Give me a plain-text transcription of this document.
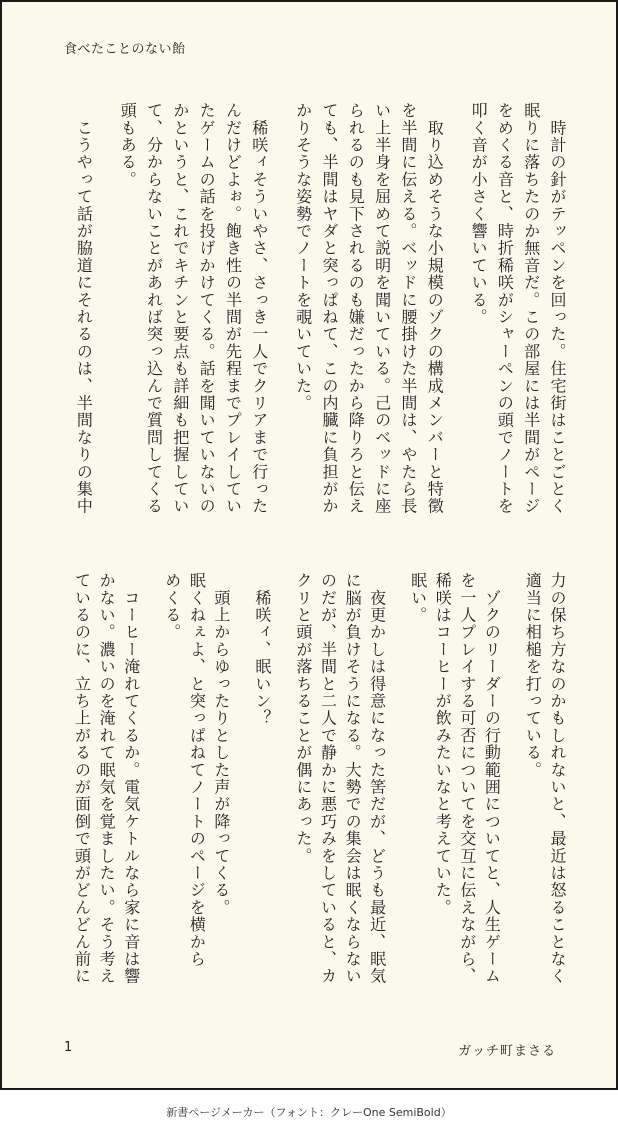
食べたことのない飴
　時計の針がテッペンを回った。住宅街はことごとく
眠りに落ちたのか無音だ。この部屋には半間がページ
をめくる音と、時折稀咲がシャーペンの頭でノートを
叩く音が小さく響いている。
　取り込めそうな小規模のゾクの構成メンバーと特徴
を半間に伝える。ベッドに腰掛けた半間は、やたら長
い上半身を屈めて説明を聞いている。己のベッドに座
られるのも見下されるのも嫌だったから降りろと伝え
ても、半間はヤダと突っぱねて、この内臓に負担がか
かりそうな姿勢でノートを覗いていた。
　稀咲ィそういやさ、さっき一人でクリアまで行った
んだけどよぉ。飽き性の半間が先程までプレイしてい
たゲームの話を投げかけてくる。話を聞いていないの
かというと、これでキチンと要点も詳細も把握してい
て、分からないことがあれば突っ込んで質問してくる
頭もある。
　こうやって話が脇道にそれるのは、半間なりの集中
力の保ち方なのかもしれないと、最近は怒ることなく
適当に相槌を打っている。
　ゾクのリーダーの行動範囲についてと、人生ゲーム
を一人プレイする可否についてを交互に伝えながら、
稀咲はコーヒーが飲みたいなと考えていた。
眠い。
　夜更かしは得意になった筈だが、どうも最近、眠気
に脳が負けそうになる。大勢での集会は眠くならない
のだが、半間と二人で静かに悪巧みをしていると、カ
クリと頭が落ちることが偶にあった。
　稀咲ィ、眠いン？
　頭上からゆったりとした声が降ってくる。
眠くねぇよ、と突っぱねてノートのページを横から
めくる。
　コーヒー淹れてくるか。電気ケトルなら家に音は響
かない。濃いのを淹れて眠気を覚ましたい。そう考え
ているのに、立ち上がるのが面倒で頭がどんどん前に
1	ガッチ町まさる
新書ページメーカー（フォント：クレーOne SemiBold）
